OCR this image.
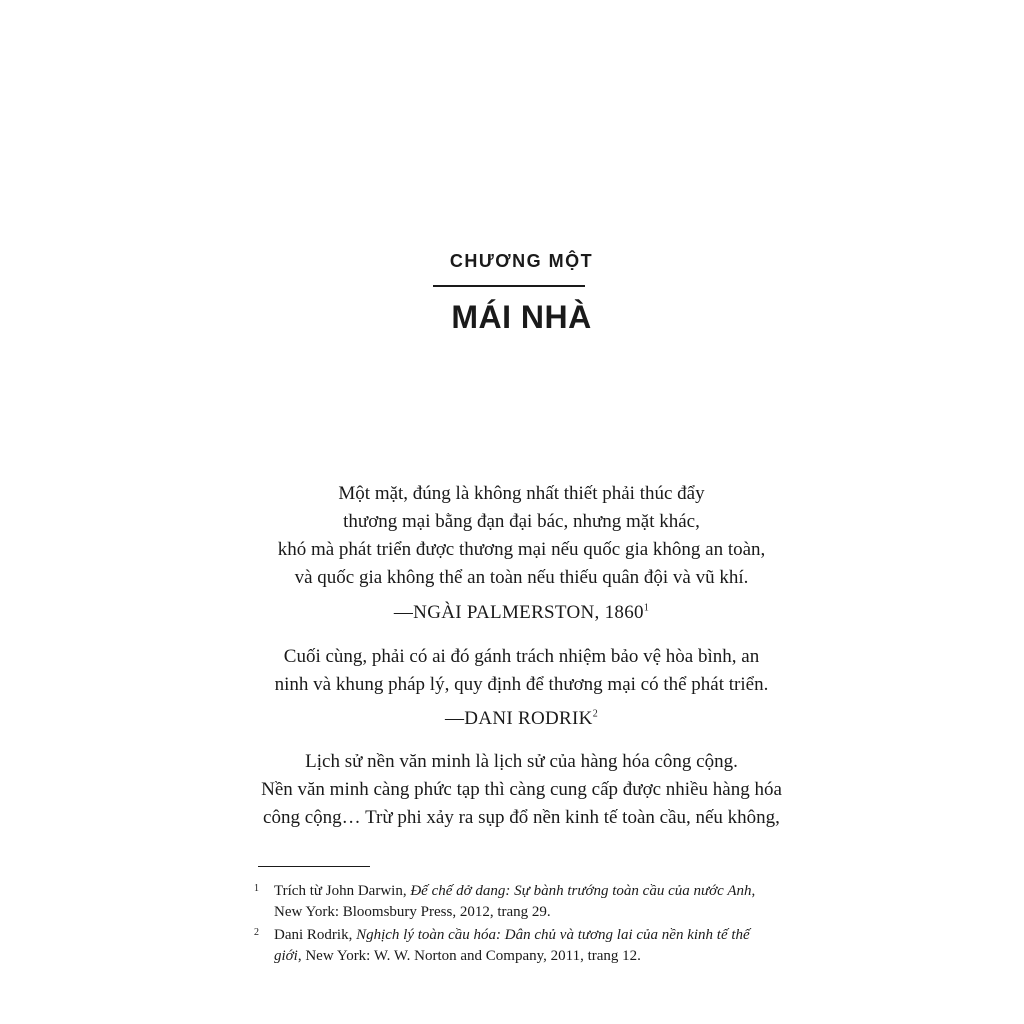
CHƯƠNG MỘT
MÁI NHÀ
Một mặt, đúng là không nhất thiết phải thúc đẩy
thương mại bằng đạn đại bác, nhưng mặt khác,
khó mà phát triển được thương mại nếu quốc gia không an toàn,
và quốc gia không thể an toàn nếu thiếu quân đội và vũ khí.
—NGÀI PALMERSTON, 1860$^1$
Cuối cùng, phải có ai đó gánh trách nhiệm bảo vệ hòa bình, an
ninh và khung pháp lý, quy định để thương mại có thể phát triển.
—DANI RODRIK$^2$
Lịch sử nền văn minh là lịch sử của hàng hóa công cộng.
Nền văn minh càng phức tạp thì càng cung cấp được nhiều hàng hóa
công cộng… Trừ phi xảy ra sụp đổ nền kinh tế toàn cầu, nếu không,
1 Trích từ John Darwin, Đế chế dở dang: Sự bành trướng toàn cầu của nước Anh,
New York: Bloomsbury Press, 2012, trang 29.
2 Dani Rodrik, Nghịch lý toàn cầu hóa: Dân chủ và tương lai của nền kinh tế thế
giới, New York: W. W. Norton and Company, 2011, trang 12.
